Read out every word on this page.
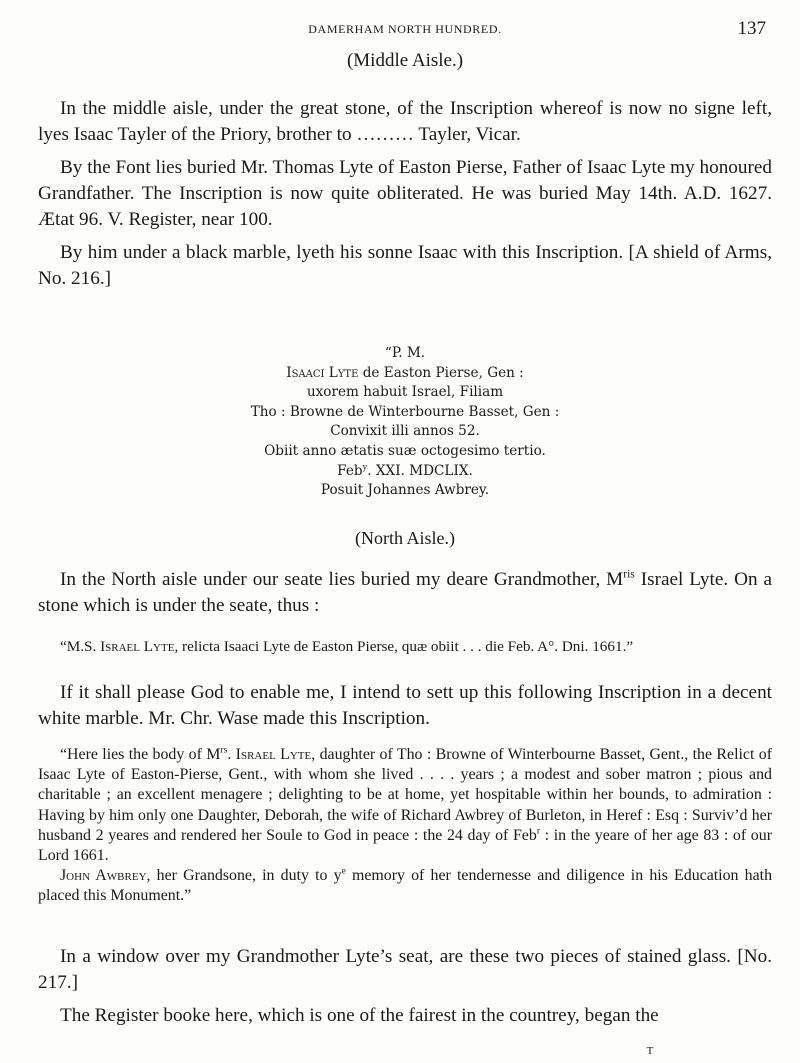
DAMERHAM NORTH HUNDRED.	137
(Middle Aisle.)

In the middle aisle, under the great stone, of the Inscription whereof is now no signe left, lyes Isaac Tayler of the Priory, brother to ……… Tayler, Vicar.

By the Font lies buried Mr. Thomas Lyte of Easton Pierse, Father of Isaac Lyte my honoured Grandfather. The Inscription is now quite obliterated. He was buried May 14th. A.D. 1627. Ætat 96. V. Register, near 100.

By him under a black marble, lyeth his sonne Isaac with this Inscription. [A shield of Arms, No. 216.]

“P. M.
Isaaci Lyte de Easton Pierse, Gen :
uxorem habuit Israel, Filiam
Tho : Browne de Winterbourne Basset, Gen :
Convixit illi annos 52.
Obiit anno ætatis suæ octogesimo tertio.
Feb$^y$. XXI. MDCLIX.
Posuit Johannes Awbrey.
(North Aisle.)

In the North aisle under our seate lies buried my deare Grandmother, $M^{ris}$ Israel Lyte. On a stone which is under the seate, thus :

“M.S. Israel Lyte, relicta Isaaci Lyte de Easton Pierse, quæ obiit . . . die Feb. A°. Dni. 1661.”

If it shall please God to enable me, I intend to sett up this following Inscription in a decent white marble. Mr. Chr. Wase made this Inscription.

“Here lies the body of $M^{rs}$. Israel Lyte, daughter of Tho : Browne of Winterbourne Basset, Gent., the Relict of Isaac Lyte of Easton-Pierse, Gent., with whom she lived . . . . years ; a modest and sober matron ; pious and charitable ; an excellent menagere ; delighting to be at home, yet hospitable within her bounds, to admiration : Having by him only one Daughter, Deborah, the wife of Richard Awbrey of Burleton, in Heref : Esq : Surviv’d her husband 2 yeares and rendered her Soule to God in peace : the 24 day of Feb$^r$ : in the yeare of her age 83 : of our Lord 1661.

John Awbrey, her Grandsone, in duty to $y^e$ memory of her tendernesse and diligence in his Education hath placed this Monument.”

In a window over my Grandmother Lyte’s seat, are these two pieces of stained glass. [No. 217.]

The Register booke here, which is one of the fairest in the countrey, began the

T
